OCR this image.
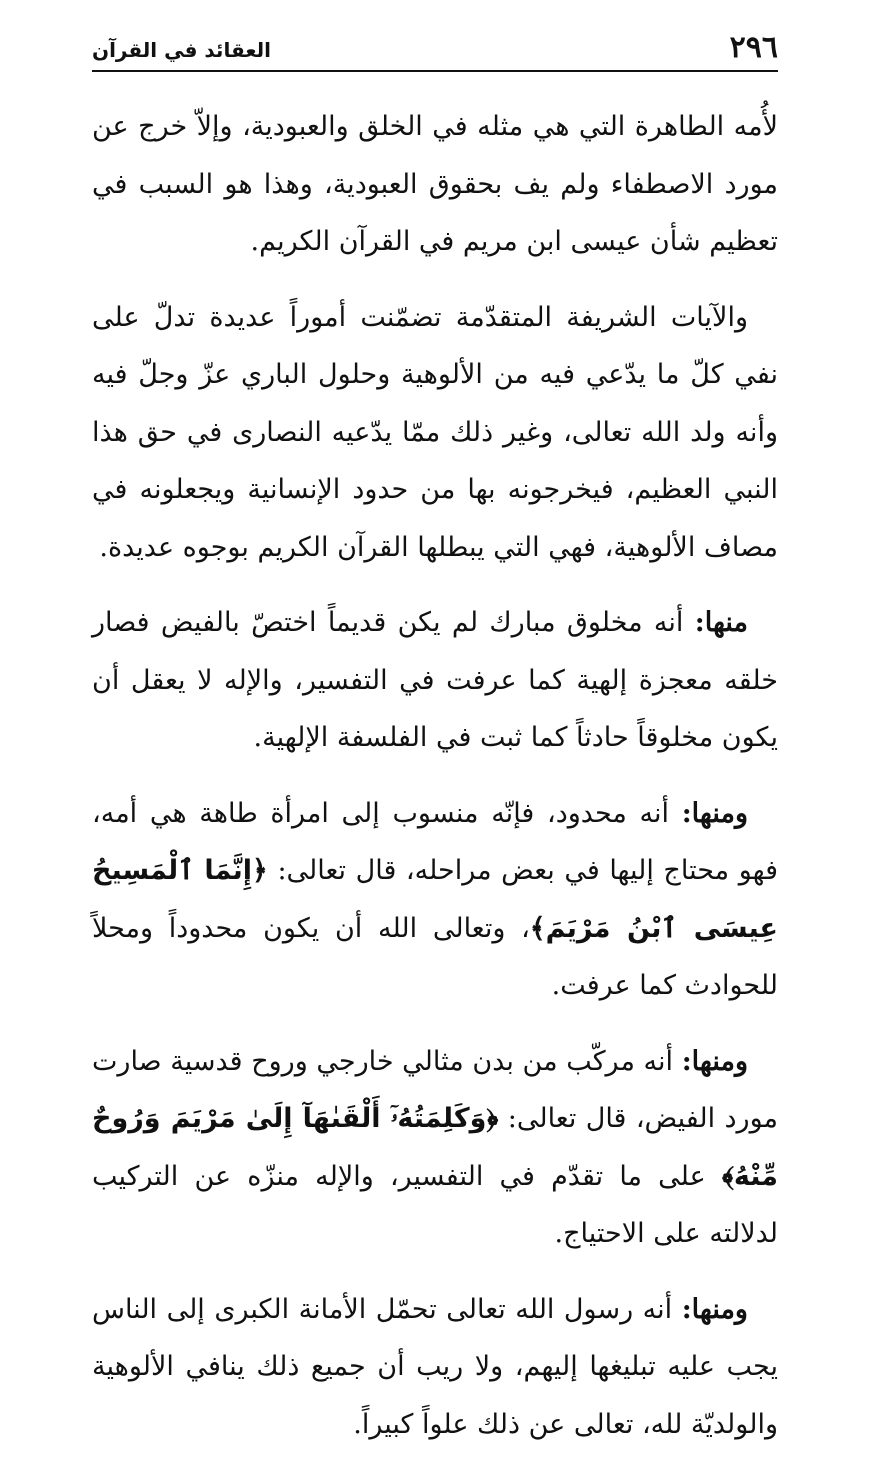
٢٩٦
العقائد في القرآن

لأُمه الطاهرة التي هي مثله في الخلق والعبودية، وإلاّ خرج عن مورد الاصطفاء ولم يف بحقوق العبودية، وهذا هو السبب في تعظيم شأن عيسى ابن مريم في القرآن الكريم.

والآيات الشريفة المتقدّمة تضمّنت أموراً عديدة تدلّ على نفي كلّ ما يدّعي فيه من الألوهية وحلول الباري عزّ وجلّ فيه وأنه ولد الله تعالى، وغير ذلك ممّا يدّعيه النصارى في حق هذا النبي العظيم، فيخرجونه بها من حدود الإنسانية ويجعلونه في مصاف الألوهية، فهي التي يبطلها القرآن الكريم بوجوه عديدة.

منها: أنه مخلوق مبارك لم يكن قديماً اختصّ بالفيض فصار خلقه معجزة إلهية كما عرفت في التفسير، والإله لا يعقل أن يكون مخلوقاً حادثاً كما ثبت في الفلسفة الإلهية.

ومنها: أنه محدود، فإنّه منسوب إلى امرأة طاهة هي أمه، فهو محتاج إليها في بعض مراحله، قال تعالى: ﴿إِنَّمَا ٱلْمَسِيحُ عِيسَى ٱبْنُ مَرْيَمَ﴾، وتعالى الله أن يكون محدوداً ومحلاً للحوادث كما عرفت.

ومنها: أنه مركّب من بدن مثالي خارجي وروح قدسية صارت مورد الفيض، قال تعالى: ﴿وَكَلِمَتُهُۥٓ أَلْقَىٰهَآ إِلَىٰ مَرْيَمَ وَرُوحٌ مِّنْهُ﴾ على ما تقدّم في التفسير، والإله منزّه عن التركيب لدلالته على الاحتياج.

ومنها: أنه رسول الله تعالى تحمّل الأمانة الكبرى إلى الناس يجب عليه تبليغها إليهم، ولا ريب أن جميع ذلك ينافي الألوهية والولديّة لله، تعالى عن ذلك علواً كبيراً.
